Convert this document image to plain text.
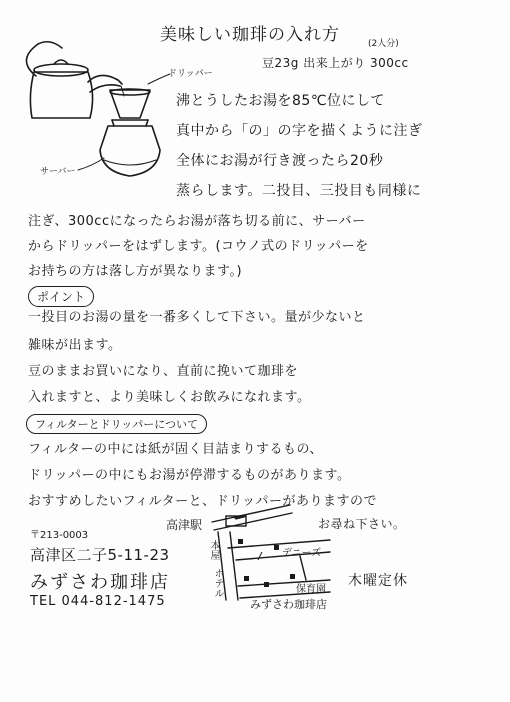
美味しい珈琲の入れ方	(2人分)
ドリッパー
サーバー
豆23g 出来上がり 300cc
沸とうしたお湯を85℃位にして
真中から「の」の字を描くように注ぎ
全体にお湯が行き渡ったら20秒
蒸らします。二投目、三投目も同様に
注ぎ、300ccになったらお湯が落ち切る前に、サーバー
からドリッパーをはずします。(コウノ式のドリッパーを
お持ちの方は落し方が異なります。)
ポイント
一投目のお湯の量を一番多くして下さい。量が少ないと
雑味が出ます。
豆のままお買いになり、直前に挽いて珈琲を
入れますと、より美味しくお飲みになれます。
フィルターとドリッパーについて
フィルターの中には紙が固く目詰まりするもの、
ドリッパーの中にもお湯が停滞するものがあります。
おすすめしたいフィルターと、ドリッパーがありますので
お尋ね下さい。
〒213-0003
高津区二子5-11-23
みずさわ珈琲店
TEL 044-812-1475
高津駅
本屋	デニーズ
ホテル	保育園
みずさわ珈琲店
木曜定休
